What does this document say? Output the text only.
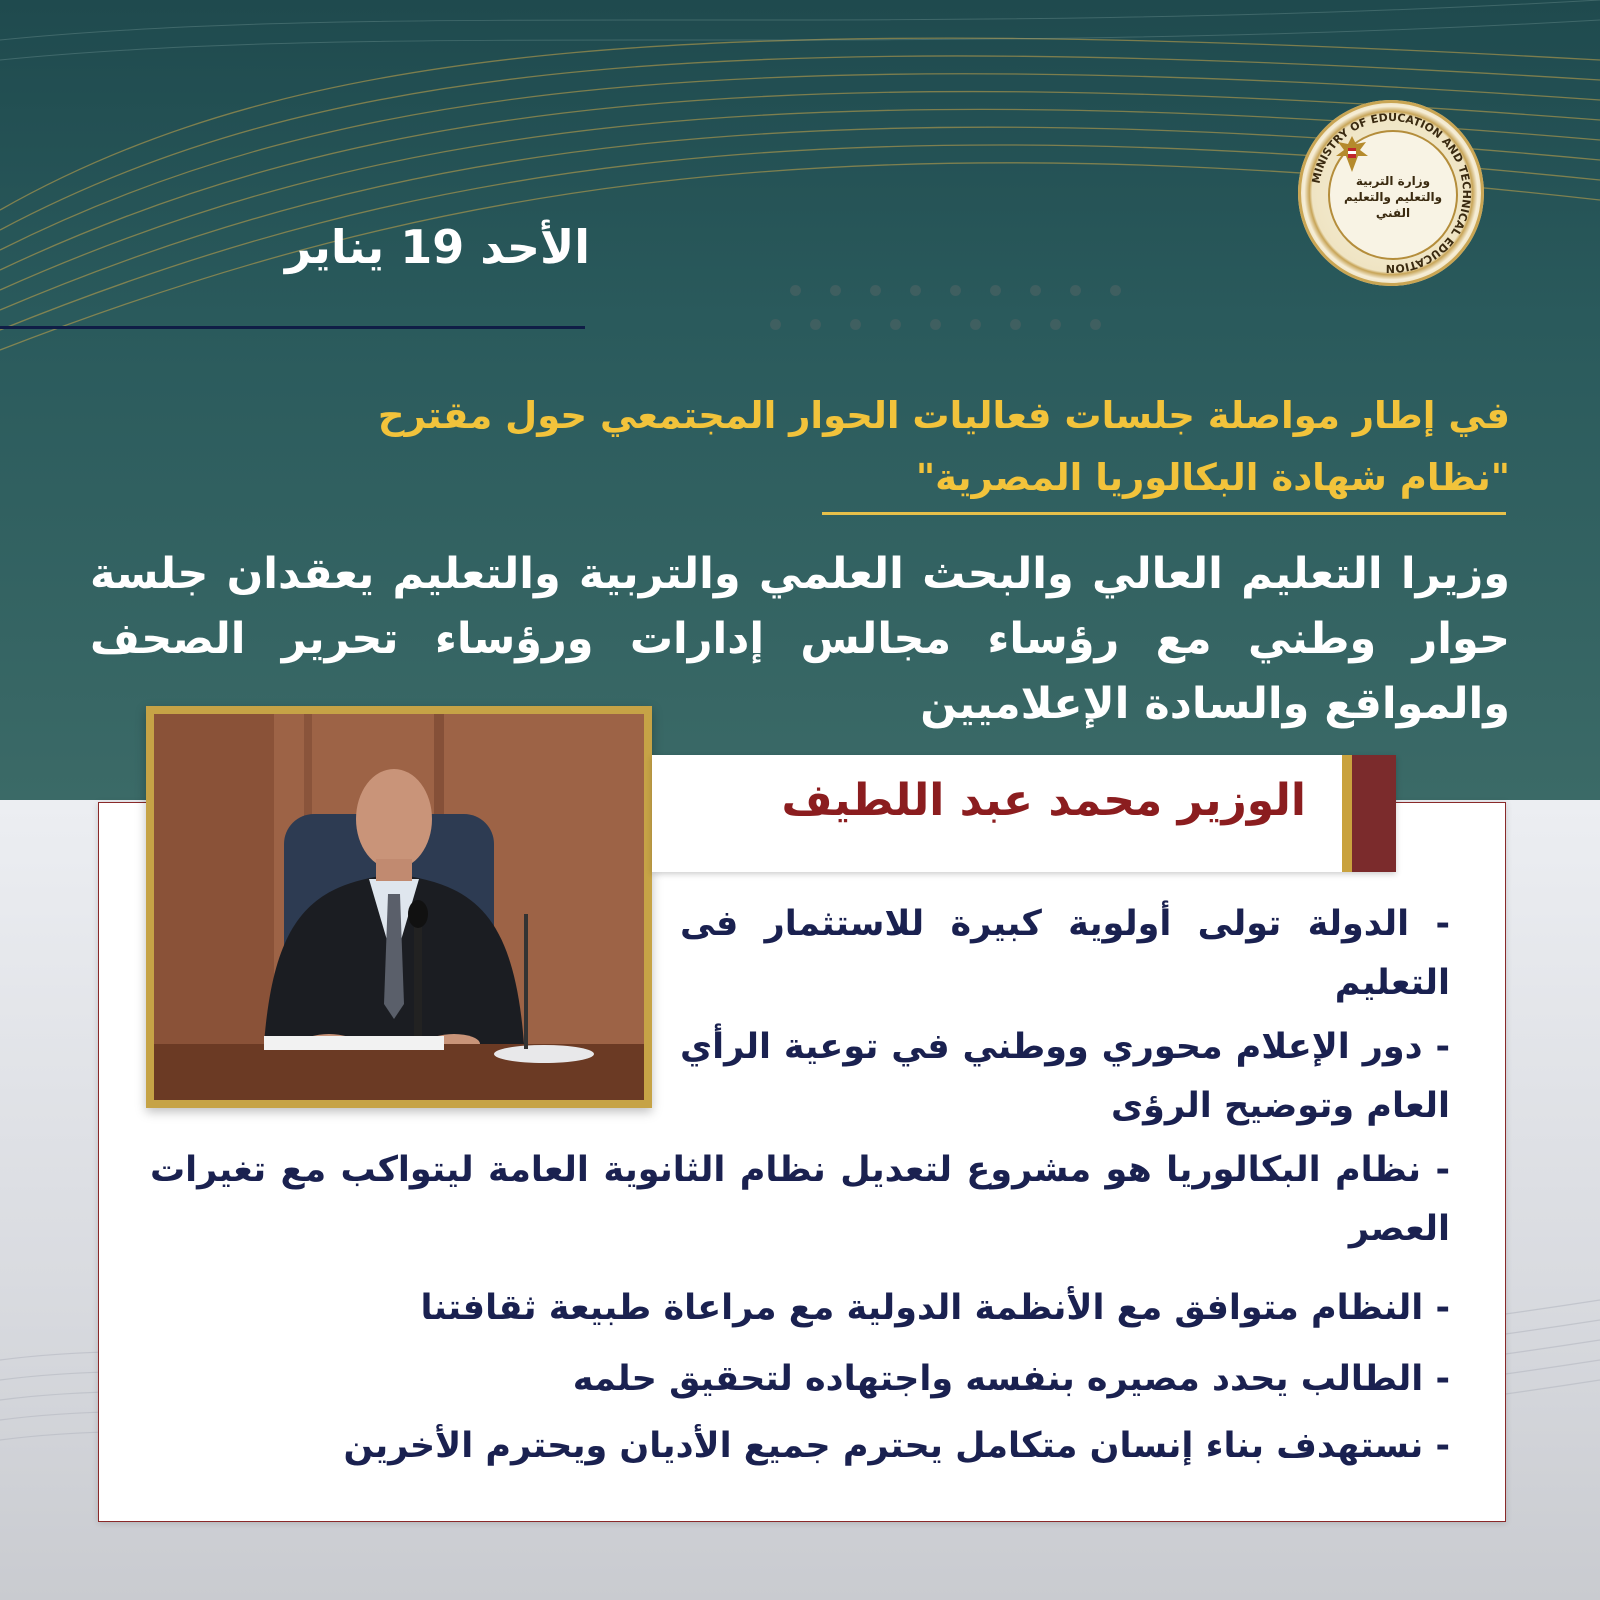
MINISTRY OF EDUCATION AND TECHNICAL EDUCATION
وزارة التربية والتعليم والتعليم الفني
الأحد 19 يناير
في إطار مواصلة جلسات فعاليات الحوار المجتمعي حول مقترح
"نظام شهادة البكالوريا المصرية"
وزيرا التعليم العالي والبحث العلمي والتربية والتعليم يعقدان جلسة حوار وطني مع رؤساء مجالس إدارات ورؤساء تحرير الصحف والمواقع والسادة الإعلاميين
الوزير محمد عبد اللطيف
- الدولة تولى أولوية كبيرة للاستثمار فى التعليم
- دور الإعلام محوري ووطني في توعية الرأي العام وتوضيح الرؤى
- نظام البكالوريا هو مشروع لتعديل نظام الثانوية العامة ليتواكب مع تغيرات العصر
- النظام متوافق مع الأنظمة الدولية مع مراعاة طبيعة ثقافتنا
- الطالب يحدد مصيره بنفسه واجتهاده لتحقيق حلمه
- نستهدف بناء إنسان متكامل يحترم جميع الأديان ويحترم الأخرين
